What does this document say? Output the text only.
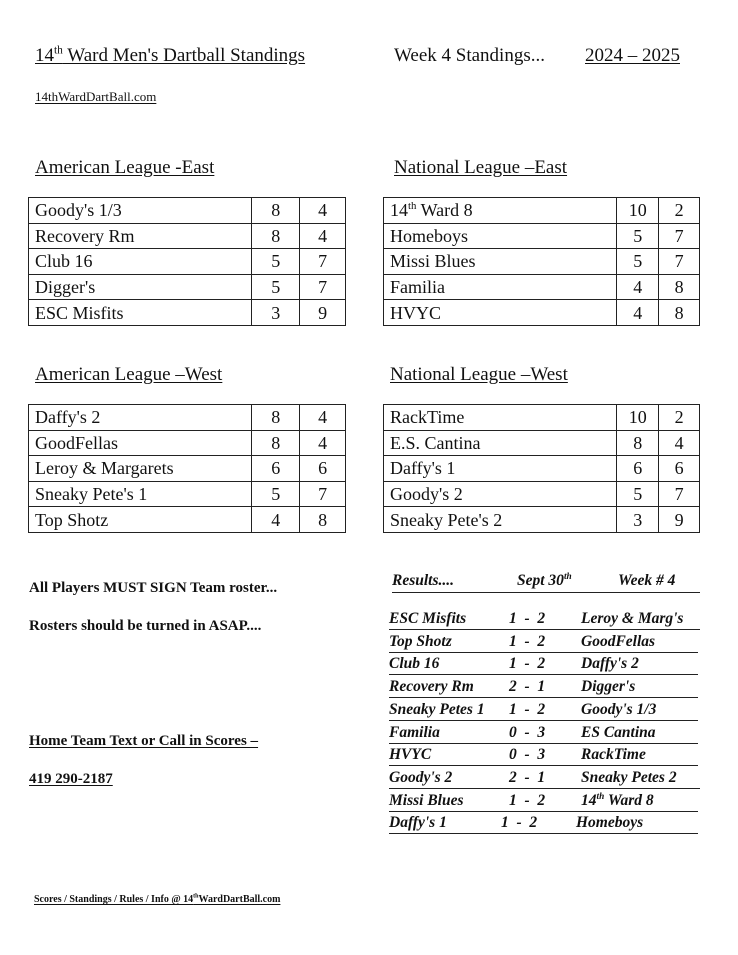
14th Ward Men's Dartball Standings	Week 4 Standings... 2024 – 2025
14thWardDartBall.com
American League -East
Goody's 1/3	8	4
Recovery Rm	8	4
Club 16	5	7
Digger's	5	7
ESC Misfits	3	9
National League –East
14th Ward 8	10	2
Homeboys	5	7
Missi Blues	5	7
Familia	4	8
HVYC	4	8
American League –West
Daffy's 2	8	4
GoodFellas	8	4
Leroy & Margarets	6	6
Sneaky Pete's 1	5	7
Top Shotz	4	8
National League –West
RackTime	10	2
E.S. Cantina	8	4
Daffy's 1	6	6
Goody's 2	5	7
Sneaky Pete's 2	3	9
All Players MUST SIGN Team roster...
Rosters should be turned in ASAP....
Home Team Text or Call in Scores –
419 290-2187
Results....	Sept 30th	Week # 4
ESC Misfits	1  -  2 Leroy & Marg's
Top Shotz	1  -  2 GoodFellas
Club 16	1  -  2 Daffy's 2
Recovery Rm 2  -  1 Digger's
Sneaky Petes 1 1  -  2 Goody's 1/3
Familia	0  -  3 ES Cantina
HVYC	0  -  3 RackTime
Goody's 2	2  -  1 Sneaky Petes 2
Missi Blues	1  -  2 14th Ward 8
Daffy's 1	1  -  2	Homeboys
Scores / Standings / Rules / Info @ 14thWardDartBall.com
